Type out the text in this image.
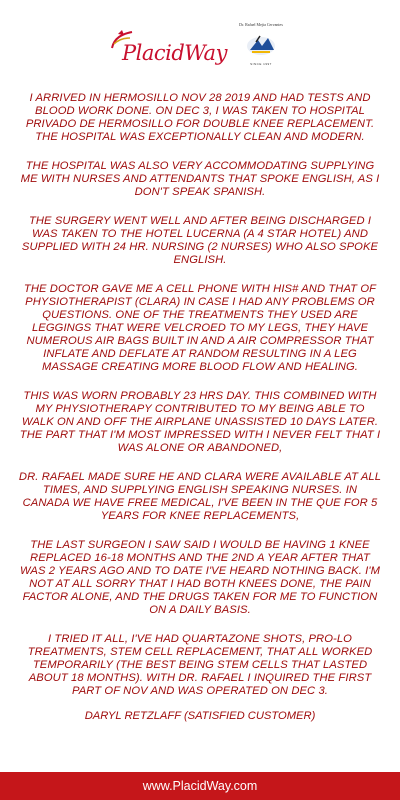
PlacidWay
Dr. Rafael Mejia Cervantes
SINCE 1997

I ARRIVED IN HERMOSILLO NOV 28 2019 AND HAD TESTS AND BLOOD WORK DONE. ON DEC 3, I WAS TAKEN TO HOSPITAL PRIVADO DE HERMOSILLO FOR DOUBLE KNEE REPLACEMENT. THE HOSPITAL WAS EXCEPTIONALLY CLEAN AND MODERN.

THE HOSPITAL WAS ALSO VERY ACCOMMODATING SUPPLYING ME WITH NURSES AND ATTENDANTS THAT SPOKE ENGLISH, AS I DON'T SPEAK SPANISH.

THE SURGERY WENT WELL AND AFTER BEING DISCHARGED I WAS TAKEN TO THE HOTEL LUCERNA (A 4 STAR HOTEL) AND SUPPLIED WITH 24 HR. NURSING (2 NURSES) WHO ALSO SPOKE ENGLISH.

THE DOCTOR GAVE ME A CELL PHONE WITH HIS# AND THAT OF PHYSIOTHERAPIST (CLARA) IN CASE I HAD ANY PROBLEMS OR QUESTIONS. ONE OF THE TREATMENTS THEY USED ARE LEGGINGS THAT WERE VELCROED TO MY LEGS, THEY HAVE NUMEROUS AIR BAGS BUILT IN AND A AIR COMPRESSOR THAT INFLATE AND DEFLATE AT RANDOM RESULTING IN A LEG MASSAGE CREATING MORE BLOOD FLOW AND HEALING.

THIS WAS WORN PROBABLY 23 HRS DAY. THIS COMBINED WITH MY PHYSIOTHERAPY CONTRIBUTED TO MY BEING ABLE TO WALK ON AND OFF THE AIRPLANE UNASSISTED 10 DAYS LATER. THE PART THAT I'M MOST IMPRESSED WITH I NEVER FELT THAT I WAS ALONE OR ABANDONED,

DR. RAFAEL MADE SURE HE AND CLARA WERE AVAILABLE AT ALL TIMES, AND SUPPLYING ENGLISH SPEAKING NURSES. IN CANADA WE HAVE FREE MEDICAL, I'VE BEEN IN THE QUE FOR 5 YEARS FOR KNEE REPLACEMENTS,

THE LAST SURGEON I SAW SAID I WOULD BE HAVING 1 KNEE REPLACED 16-18 MONTHS AND THE 2ND A YEAR AFTER THAT WAS 2 YEARS AGO AND TO DATE I'VE HEARD NOTHING BACK. I'M NOT AT ALL SORRY THAT I HAD BOTH KNEES DONE, THE PAIN FACTOR ALONE, AND THE DRUGS TAKEN FOR ME TO FUNCTION ON A DAILY BASIS.

I TRIED IT ALL, I'VE HAD QUARTAZONE SHOTS, PRO-LO TREATMENTS, STEM CELL REPLACEMENT, THAT ALL WORKED TEMPORARILY (THE BEST BEING STEM CELLS THAT LASTED ABOUT 18 MONTHS). WITH DR. RAFAEL I INQUIRED THE FIRST PART OF NOV AND WAS OPERATED ON DEC 3.

DARYL RETZLAFF (SATISFIED CUSTOMER)

www.PlacidWay.com
